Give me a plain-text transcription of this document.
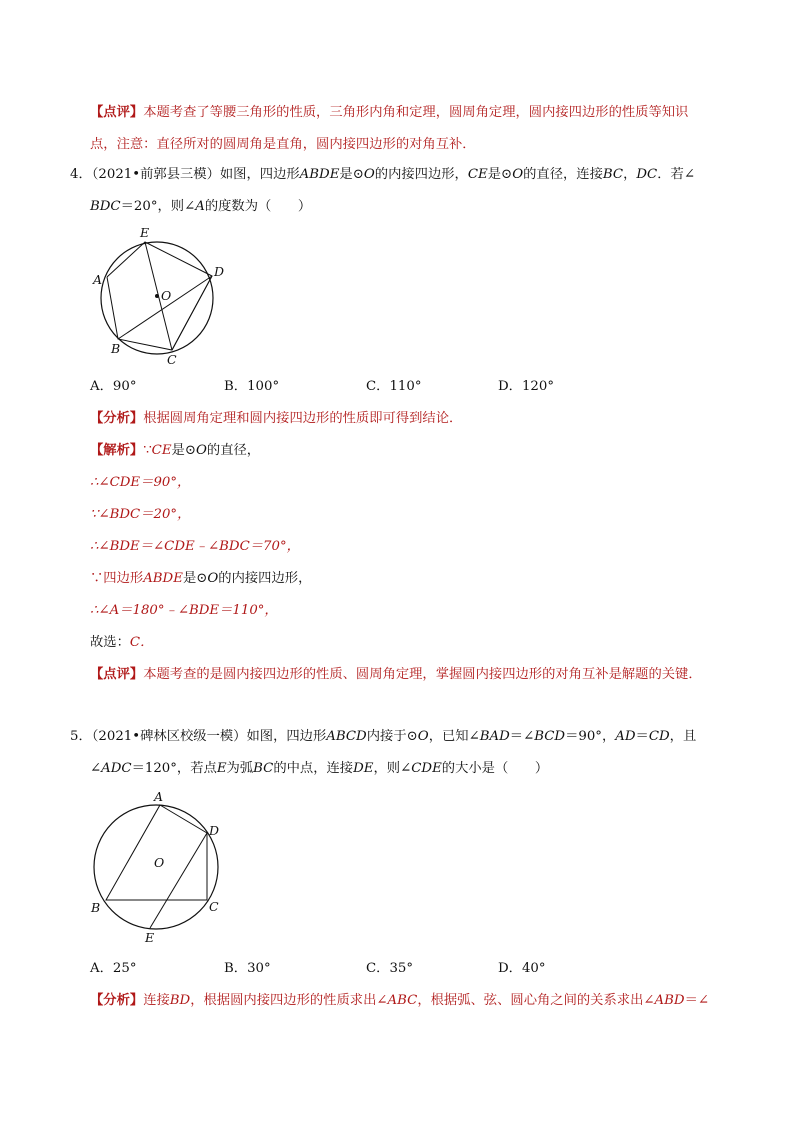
【点评】本题考查了等腰三角形的性质，三角形内角和定理，圆周角定理，圆内接四边形的性质等知识
点，注意：直径所对的圆周角是直角，圆内接四边形的对角互补．
4．（2021•前郭县三模）如图，四边形ABDE是⊙O的内接四边形，CE是⊙O的直径，连接BC，DC．若∠
BDC＝20°，则∠A的度数为（　　）
E
D
A
O
B
C
A．90°	B．100°	C．110°	D．120°
【分析】根据圆周角定理和圆内接四边形的性质即可得到结论．
【解析】∵CE是⊙O的直径，
∴∠CDE＝90°，
∵∠BDC＝20°，
∴∠BDE＝∠CDE﹣∠BDC＝70°，
∵四边形ABDE是⊙O的内接四边形，
∴∠A＝180°﹣∠BDE＝110°，
故选：C．
【点评】本题考查的是圆内接四边形的性质、圆周角定理，掌握圆内接四边形的对角互补是解题的关键．
5．（2021•碑林区校级一模）如图，四边形ABCD内接于⊙O，已知∠BAD＝∠BCD＝90°，AD＝CD，且
∠ADC＝120°，若点E为弧BC的中点，连接DE，则∠CDE的大小是（　　）
A
D
O
B	C
E
A．25°	B．30°	C．35°	D．40°
【分析】连接BD，根据圆内接四边形的性质求出∠ABC，根据弧、弦、圆心角之间的关系求出∠ABD＝∠
